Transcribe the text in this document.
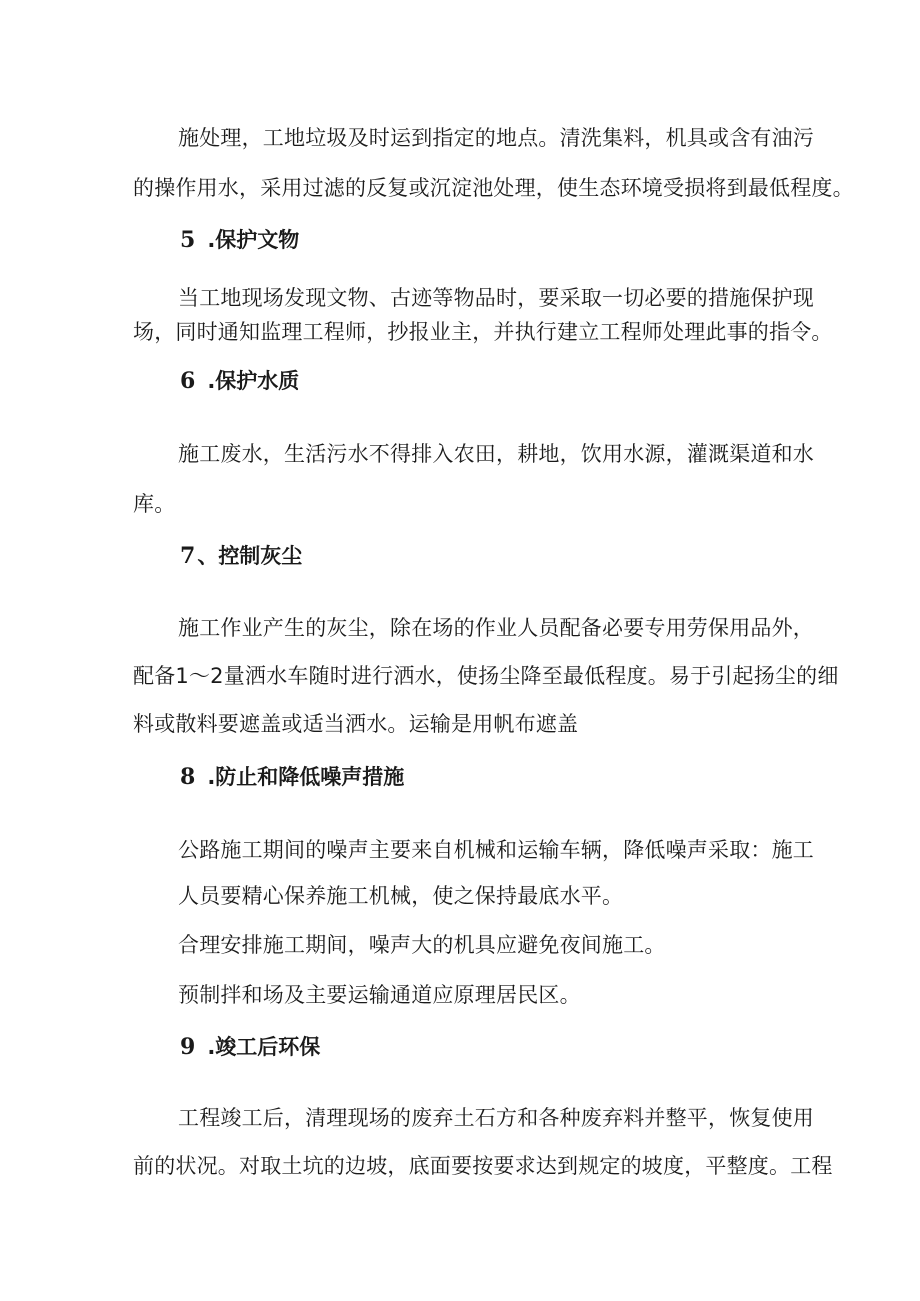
施处理，工地垃圾及时运到指定的地点。清洗集料，机具或含有油污
的操作用水，采用过滤的反复或沉淀池处理，使生态环境受损将到最低程度。
5 .保护文物
当工地现场发现文物、古迹等物品时，要采取一切必要的措施保护现
场，同时通知监理工程师，抄报业主，并执行建立工程师处理此事的指令。
6 .保护水质
施工废水，生活污水不得排入农田，耕地，饮用水源，灌溉渠道和水
库。
7、控制灰尘
施工作业产生的灰尘，除在场的作业人员配备必要专用劳保用品外，
配备1～2量洒水车随时进行洒水，使扬尘降至最低程度。易于引起扬尘的细
料或散料要遮盖或适当洒水。运输是用帆布遮盖
8 .防止和降低噪声措施
公路施工期间的噪声主要来自机械和运输车辆，降低噪声采取：施工
人员要精心保养施工机械，使之保持最底水平。
合理安排施工期间，噪声大的机具应避免夜间施工。
预制拌和场及主要运输通道应原理居民区。
9 .竣工后环保
工程竣工后，清理现场的废弃土石方和各种废弃料并整平，恢复使用
前的状况。对取土坑的边坡，底面要按要求达到规定的坡度，平整度。工程
